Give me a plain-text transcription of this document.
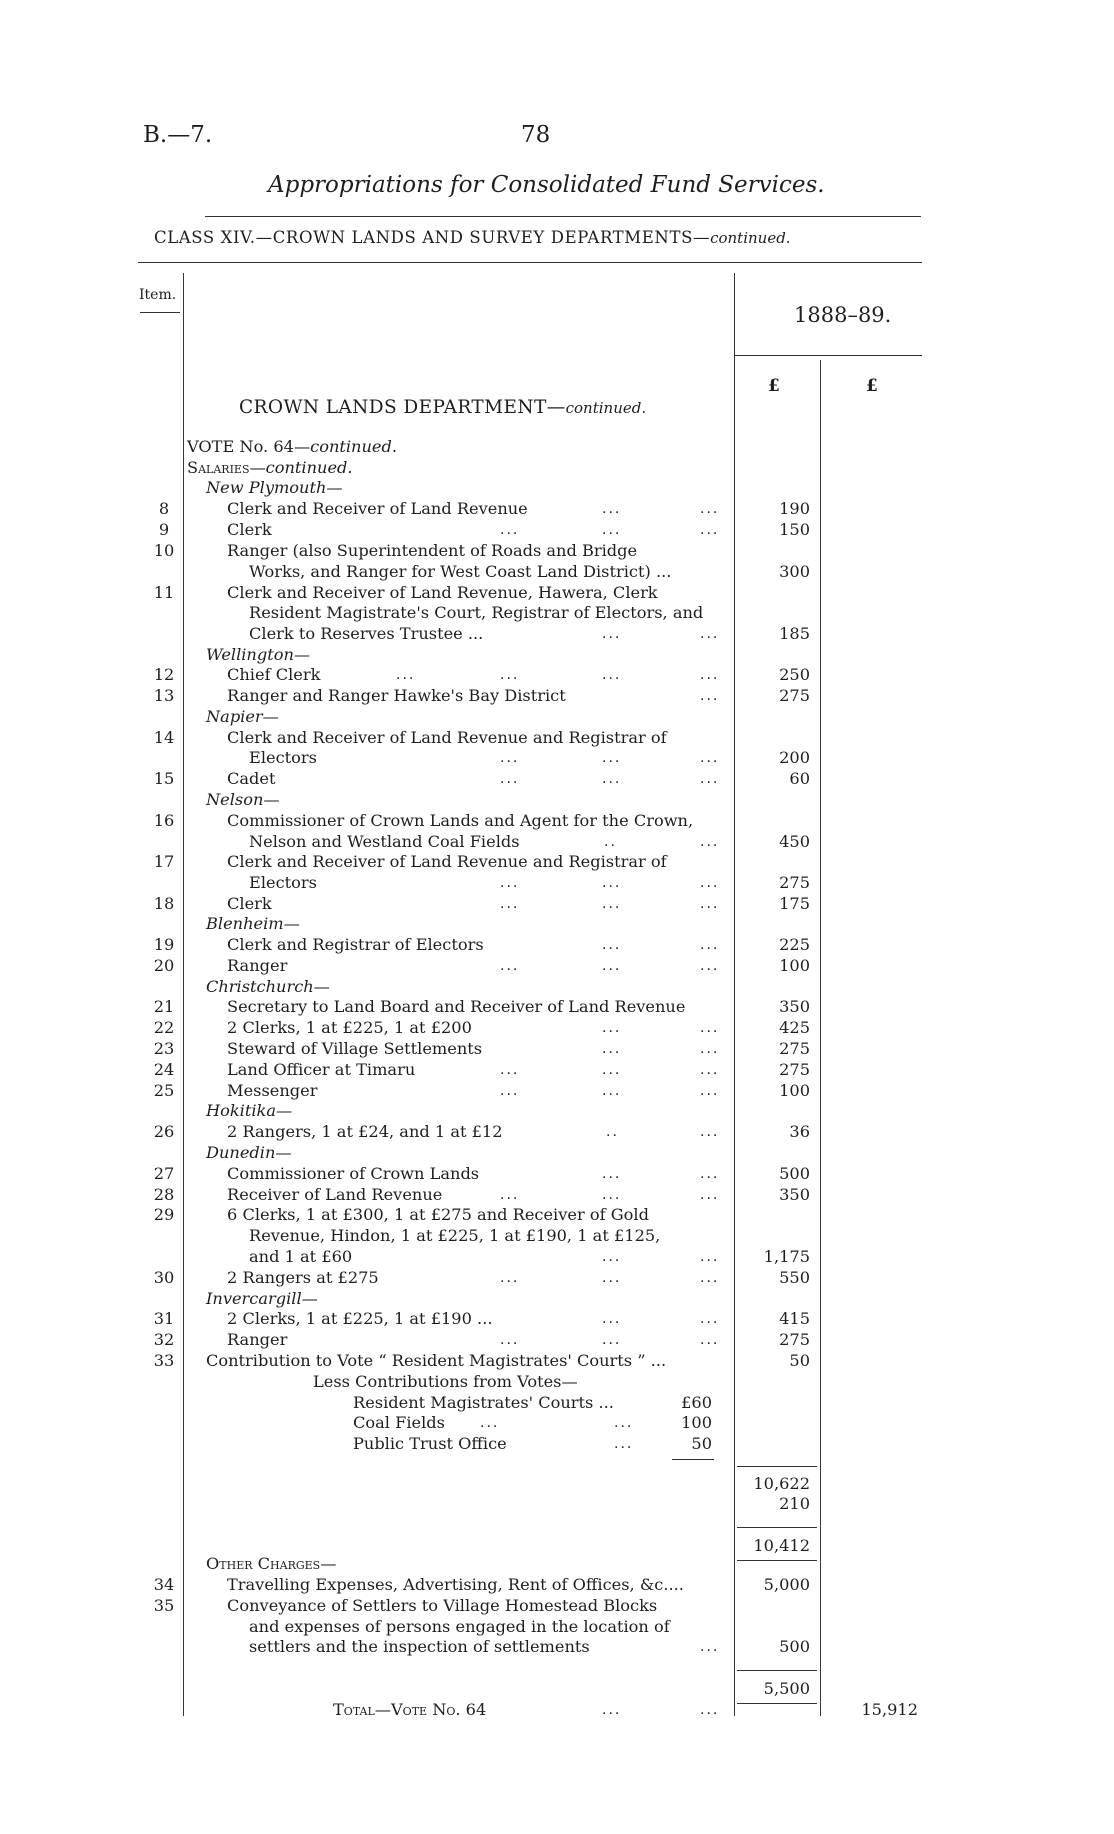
B.—7.	78
Appropriations for Consolidated Fund Services.
CLASS XIV.—CROWN LANDS AND SURVEY DEPARTMENTS—continued.
Item.
1888–89.
£	£
CROWN LANDS DEPARTMENT—continued.
VOTE No. 64—continued.
Salaries—continued.
New Plymouth—
8	Clerk and Receiver of Land Revenue	...	...	190
9	Clerk	...	...	...	150
10	Ranger (also Superintendent of Roads and Bridge
Works, and Ranger for West Coast Land District) ...	300
11	Clerk and Receiver of Land Revenue, Hawera, Clerk
Resident Magistrate's Court, Registrar of Electors, and
Clerk to Reserves Trustee ...	...	...	185
Wellington—
12	Chief Clerk	...	...	...	...	250
13	Ranger and Ranger Hawke's Bay District	...	275
Napier—
14	Clerk and Receiver of Land Revenue and Registrar of
Electors	...	...	...	200
15	Cadet	...	...	...	60
Nelson—
16	Commissioner of Crown Lands and Agent for the Crown,
Nelson and Westland Coal Fields	..	...	450
17	Clerk and Receiver of Land Revenue and Registrar of
Electors	...	...	...	275
18	Clerk	...	...	...	175
Blenheim—
19	Clerk and Registrar of Electors	...	...	225
20	Ranger	...	...	...	100
Christchurch—
21	Secretary to Land Board and Receiver of Land Revenue	350
22	2 Clerks, 1 at £225, 1 at £200	...	...	425
23	Steward of Village Settlements	...	...	275
24	Land Officer at Timaru	...	...	...	275
25	Messenger	...	...	...	100
Hokitika—
26	2 Rangers, 1 at £24, and 1 at £12	..	...	36
Dunedin—
27	Commissioner of Crown Lands	...	...	500
28	Receiver of Land Revenue	...	...	...	350
29	6 Clerks, 1 at £300, 1 at £275 and Receiver of Gold
Revenue, Hindon, 1 at £225, 1 at £190, 1 at £125,
and 1 at £60	...	...	1,175
30	2 Rangers at £275	...	...	...	550
Invercargill—
31	2 Clerks, 1 at £225, 1 at £190 ...	...	...	415
32	Ranger	...	...	...	275
33	Contribution to Vote “ Resident Magistrates' Courts ” ...	50
Less Contributions from Votes—
Resident Magistrates' Courts ...	£60
Coal Fields	...	...	100
Public Trust Office	...	50
10,622
210
10,412
Other Charges—
34	Travelling Expenses, Advertising, Rent of Offices, &c....	5,000
35	Conveyance of Settlers to Village Homestead Blocks
and expenses of persons engaged in the location of
settlers and the inspection of settlements	...	500
5,500
Total—Vote No. 64	...	...	15,912
